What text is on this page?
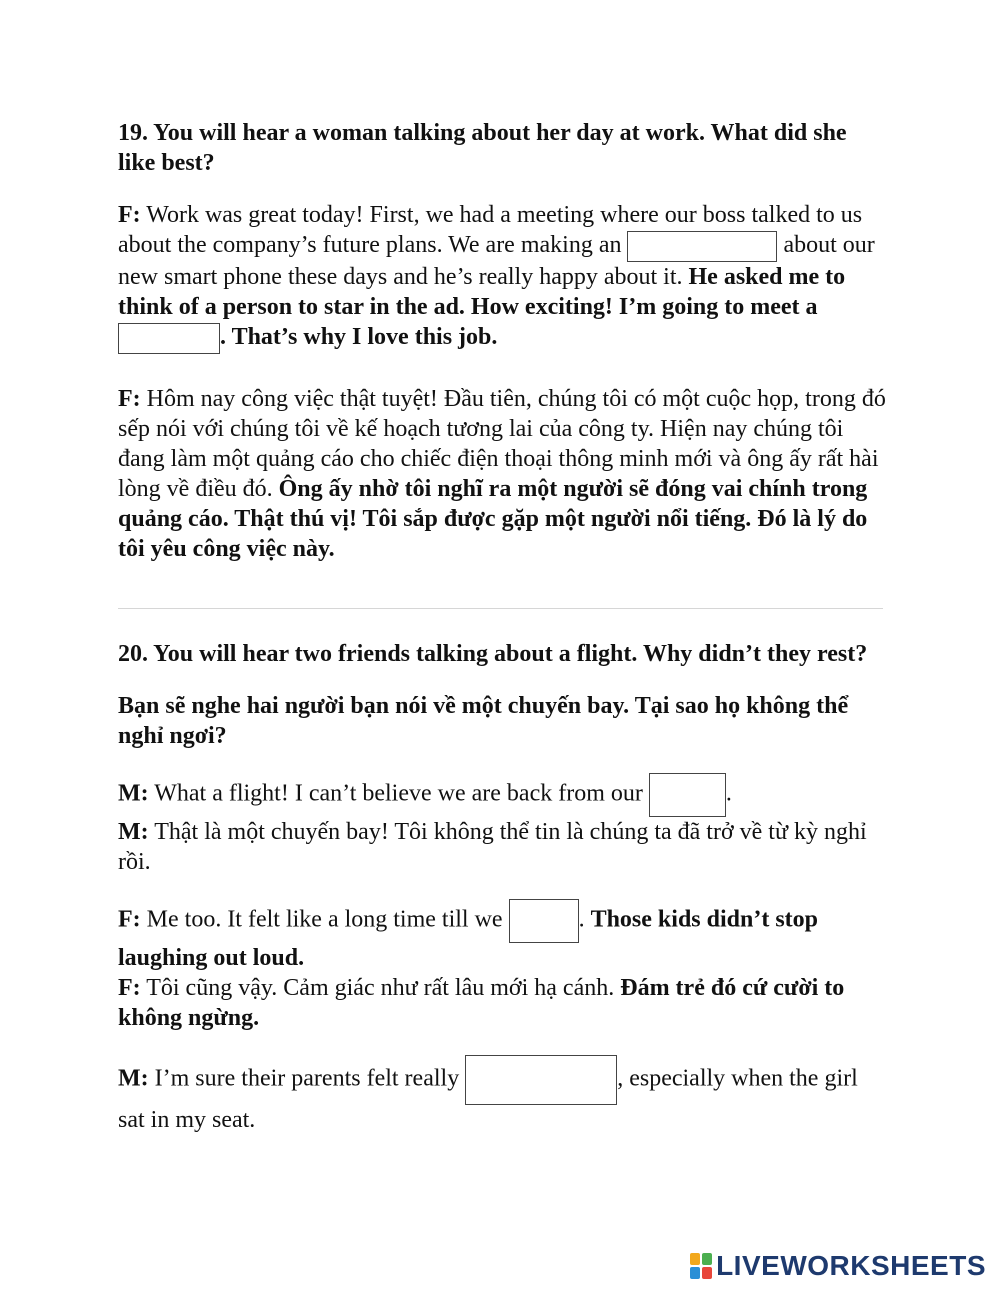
19. You will hear a woman talking about her day at work. What did she like best?

F: Work was great today! First, we had a meeting where our boss talked to us about the company’s future plans. We are making an	about our new smart phone these days and he’s really happy about it. He asked me to think of a person to star in the ad. How exciting! I’m going to meet a . That’s why I love this job.

F: Hôm nay công việc thật tuyệt! Đầu tiên, chúng tôi có một cuộc họp, trong đó sếp nói với chúng tôi về kế hoạch tương lai của công ty. Hiện nay chúng tôi đang làm một quảng cáo cho chiếc điện thoại thông minh mới và ông ấy rất hài lòng về điều đó. Ông ấy nhờ tôi nghĩ ra một người sẽ đóng vai chính trong quảng cáo. Thật thú vị! Tôi sắp được gặp một người nổi tiếng. Đó là lý do tôi yêu công việc này.

20. You will hear two friends talking about a flight. Why didn’t they rest?

Bạn sẽ nghe hai người bạn nói về một chuyến bay. Tại sao họ không thể nghỉ ngơi?

M: What a flight! I can’t believe we are back from our	.

M: Thật là một chuyến bay! Tôi không thể tin là chúng ta đã trở về từ kỳ nghỉ rồi.

F: Me too. It felt like a long time till we	. Those kids didn’t stop laughing out loud.

F: Tôi cũng vậy. Cảm giác như rất lâu mới hạ cánh. Đám trẻ đó cứ cười to không ngừng.

M: I’m sure their parents felt really	, especially when the girl sat in my seat.

LIVEWORKSHEETS
